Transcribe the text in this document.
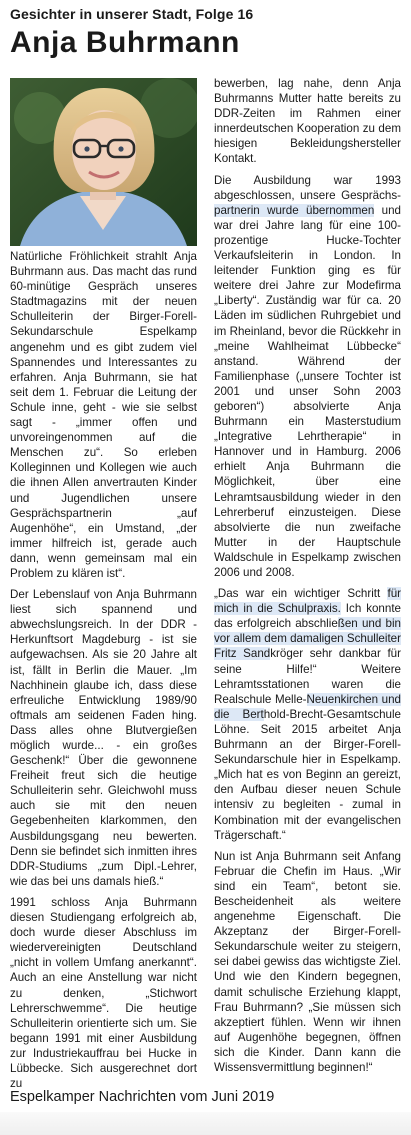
Gesichter in unserer Stadt, Folge 16
Anja Buhrmann

Natürliche Fröhlichkeit strahlt Anja Buhrmann aus. Das macht das rund 60-minütige Gespräch unseres Stadtmagazins mit der neuen Schulleiterin der Birger-Forell-Sekundarschule Espelkamp angenehm und es gibt zudem viel Spannendes und Interessantes zu erfahren. Anja Buhrmann, sie hat seit dem 1. Februar die Leitung der Schule inne, geht - wie sie selbst sagt - „immer offen und unvoreingenommen auf die Menschen zu“. So erleben Kolleginnen und Kollegen wie auch die ihnen Allen anvertrauten Kinder und Jugendlichen unsere Gesprächspartnerin „auf Augenhöhe“, ein Umstand, „der immer hilfreich ist, gerade auch dann, wenn gemeinsam mal ein Problem zu klären ist“.

Der Lebenslauf von Anja Buhrmann liest sich spannend und abwechslungsreich. In der DDR - Herkunftsort Magdeburg - ist sie aufgewachsen. Als sie 20 Jahre alt ist, fällt in Berlin die Mauer. „Im Nachhinein glaube ich, dass diese erfreuliche Entwicklung 1989/90 oftmals am seidenen Faden hing. Dass alles ohne Blutvergießen möglich wurde... - ein großes Geschenk!“ Über die gewonnene Freiheit freut sich die heutige Schulleiterin sehr. Gleichwohl muss auch sie mit den neuen Gegebenheiten klarkommen, den Ausbildungsgang neu bewerten. Denn sie befindet sich inmitten ihres DDR-Studiums „zum Dipl.-Lehrer, wie das bei uns damals hieß.“

1991 schloss Anja Buhrmann diesen Studiengang erfolgreich ab, doch wurde dieser Abschluss im wiedervereinigten Deutschland „nicht in vollem Umfang anerkannt“. Auch an eine Anstellung war nicht zu denken, „Stichwort Lehrerschwemme“. Die heutige Schulleiterin orientierte sich um. Sie begann 1991 mit einer Ausbildung zur Industriekauffrau bei Hucke in Lübbecke. Sich ausgerechnet dort zu

bewerben, lag nahe, denn Anja Buhrmanns Mutter hatte bereits zu DDR-Zeiten im Rahmen einer innerdeutschen Kooperation zu dem hiesigen Bekleidungshersteller Kontakt.

Die Ausbildung war 1993 abgeschlossen, unsere Gesprächs-partnerin wurde übernommen und war drei Jahre lang für eine 100-prozentige Hucke-Tochter Verkaufsleiterin in London. In leitender Funktion ging es für weitere drei Jahre zur Modefirma „Liberty“. Zuständig war für ca. 20 Läden im südlichen Ruhrgebiet und im Rheinland, bevor die Rückkehr in „meine Wahlheimat Lübbecke“ anstand. Während der Familienphase („unsere Tochter ist 2001 und unser Sohn 2003 geboren“) absolvierte Anja Buhrmann ein Masterstudium „Integrative Lehrtherapie“ in Hannover und in Hamburg. 2006 erhielt Anja Buhrmann die Möglichkeit, über eine Lehramtsausbildung wieder in den Lehrerberuf einzusteigen. Diese absolvierte die nun zweifache Mutter in der Hauptschule Waldschule in Espelkamp zwischen 2006 und 2008.

„Das war ein wichtiger Schritt für mich in die Schulpraxis. Ich konnte das erfolgreich abschließen und bin vor allem dem damaligen Schulleiter Fritz Sandkröger sehr dankbar für seine Hilfe!“ Weitere Lehramtsstationen waren die Realschule Melle-Neuenkirchen und die Berthold-Brecht-Gesamtschule Löhne. Seit 2015 arbeitet Anja Buhrmann an der Birger-Forell-Sekundarschule hier in Espelkamp. „Mich hat es von Beginn an gereizt, den Aufbau dieser neuen Schule intensiv zu begleiten - zumal in Kombination mit der evangelischen Trägerschaft.“

Nun ist Anja Buhrmann seit Anfang Februar die Chefin im Haus. „Wir sind ein Team“, betont sie. Bescheidenheit als weitere angenehme Eigenschaft. Die Akzeptanz der Birger-Forell-Sekundarschule weiter zu steigern, sei dabei gewiss das wichtigste Ziel. Und wie den Kindern begegnen, damit schulische Erziehung klappt, Frau Buhrmann? „Sie müssen sich akzeptiert fühlen. Wenn wir ihnen auf Augenhöhe begegnen, öffnen sich die Kinder. Dann kann die Wissensvermittlung beginnen!“

Espelkamper Nachrichten vom Juni 2019
